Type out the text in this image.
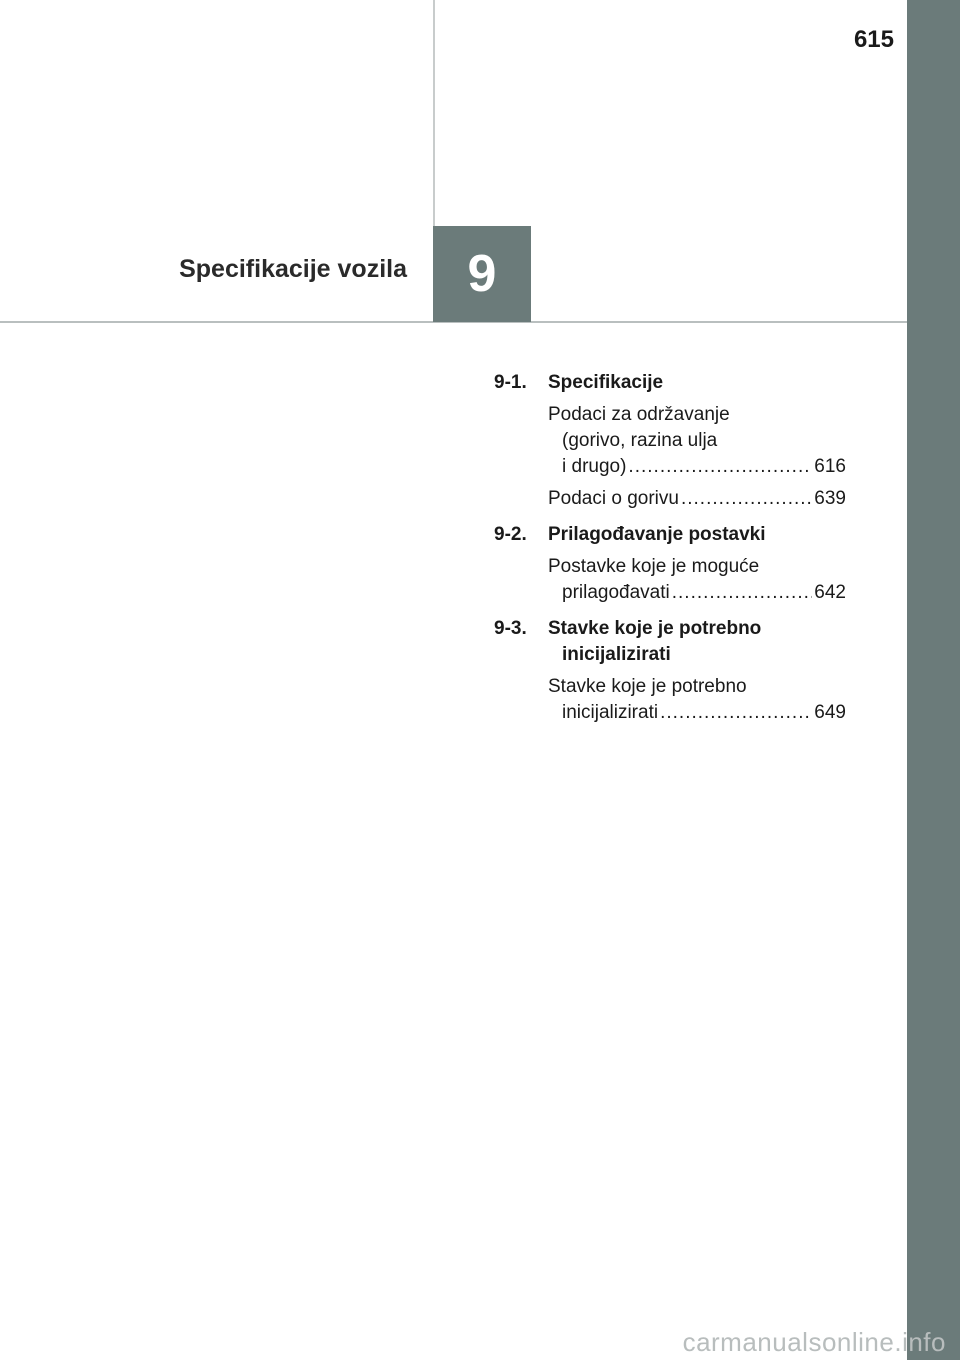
615
Specifikacije vozila 9
9-1.	Specifikacije
Podaci za održavanje
(gorivo, razina ulja
i drugo) .....	616
Podaci o gorivu .....	639
9-2.	Prilagođavanje postavki
Postavke koje je moguće
prilagođavati .....	642
9-3.	Stavke koje je potrebno
inicijalizirati
Stavke koje je potrebno
inicijalizirati .....	649
carmanualsonline.info
